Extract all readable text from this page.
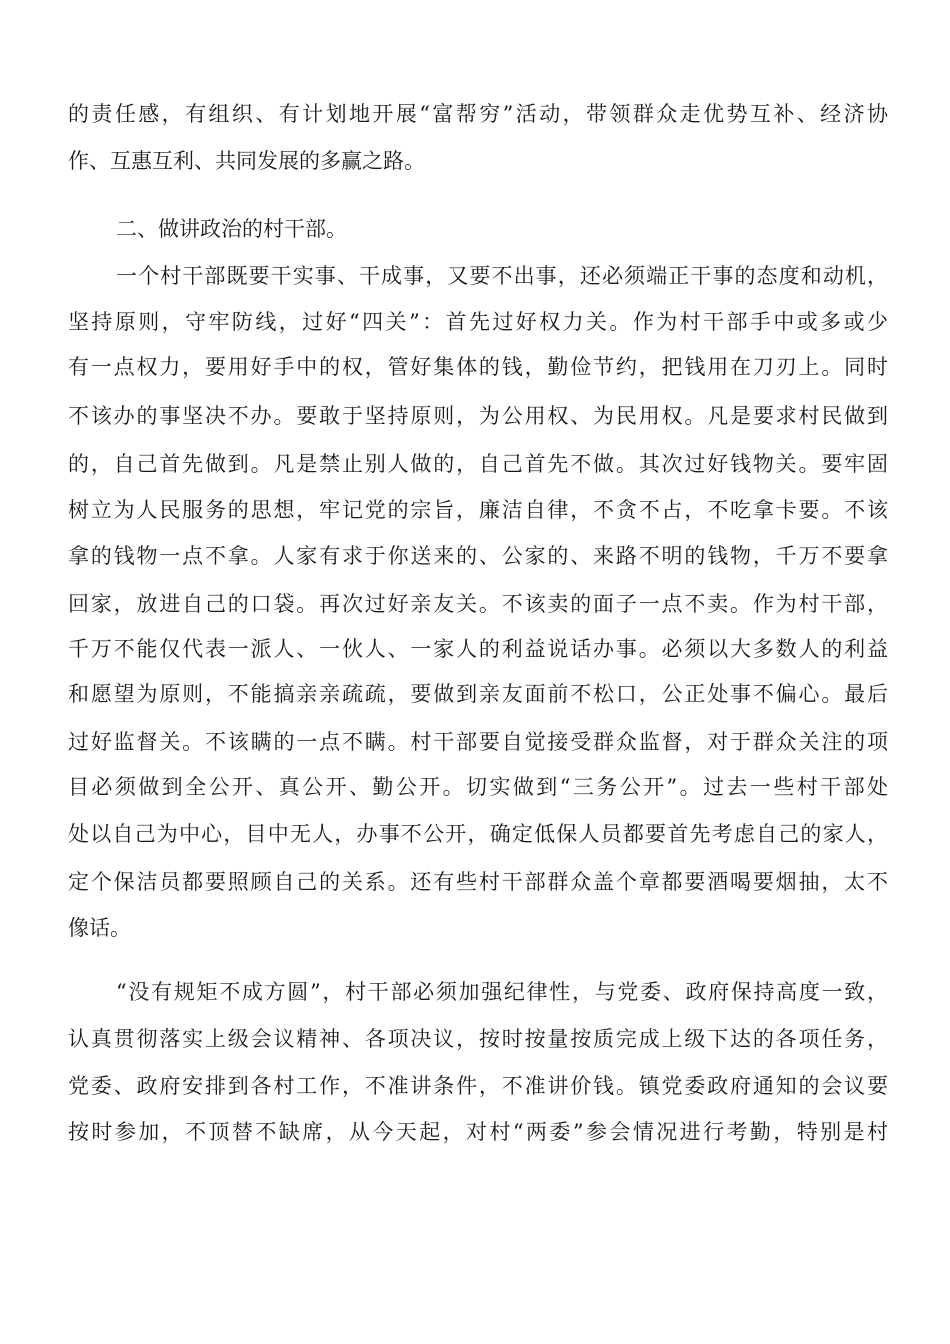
的责任感，有组织、有计划地开展“富帮穷”活动，带领群众走优势互补、经济协
作、互惠互利、共同发展的多赢之路。
二、做讲政治的村干部。
一个村干部既要干实事、干成事，又要不出事，还必须端正干事的态度和动机，
坚持原则，守牢防线，过好“四关”：首先过好权力关。作为村干部手中或多或少
有一点权力，要用好手中的权，管好集体的钱，勤俭节约，把钱用在刀刃上。同时
不该办的事坚决不办。要敢于坚持原则，为公用权、为民用权。凡是要求村民做到
的，自己首先做到。凡是禁止别人做的，自己首先不做。其次过好钱物关。要牢固
树立为人民服务的思想，牢记党的宗旨，廉洁自律，不贪不占，不吃拿卡要。不该
拿的钱物一点不拿。人家有求于你送来的、公家的、来路不明的钱物，千万不要拿
回家，放进自己的口袋。再次过好亲友关。不该卖的面子一点不卖。作为村干部，
千万不能仅代表一派人、一伙人、一家人的利益说话办事。必须以大多数人的利益
和愿望为原则，不能搞亲亲疏疏，要做到亲友面前不松口，公正处事不偏心。最后
过好监督关。不该瞒的一点不瞒。村干部要自觉接受群众监督，对于群众关注的项
目必须做到全公开、真公开、勤公开。切实做到“三务公开”。过去一些村干部处
处以自己为中心，目中无人，办事不公开，确定低保人员都要首先考虑自己的家人，
定个保洁员都要照顾自己的关系。还有些村干部群众盖个章都要酒喝要烟抽，太不
像话。
“没有规矩不成方圆”，村干部必须加强纪律性，与党委、政府保持高度一致，
认真贯彻落实上级会议精神、各项决议，按时按量按质完成上级下达的各项任务，
党委、政府安排到各村工作，不准讲条件，不准讲价钱。镇党委政府通知的会议要
按时参加，不顶替不缺席，从今天起，对村“两委”参会情况进行考勤，特别是村
